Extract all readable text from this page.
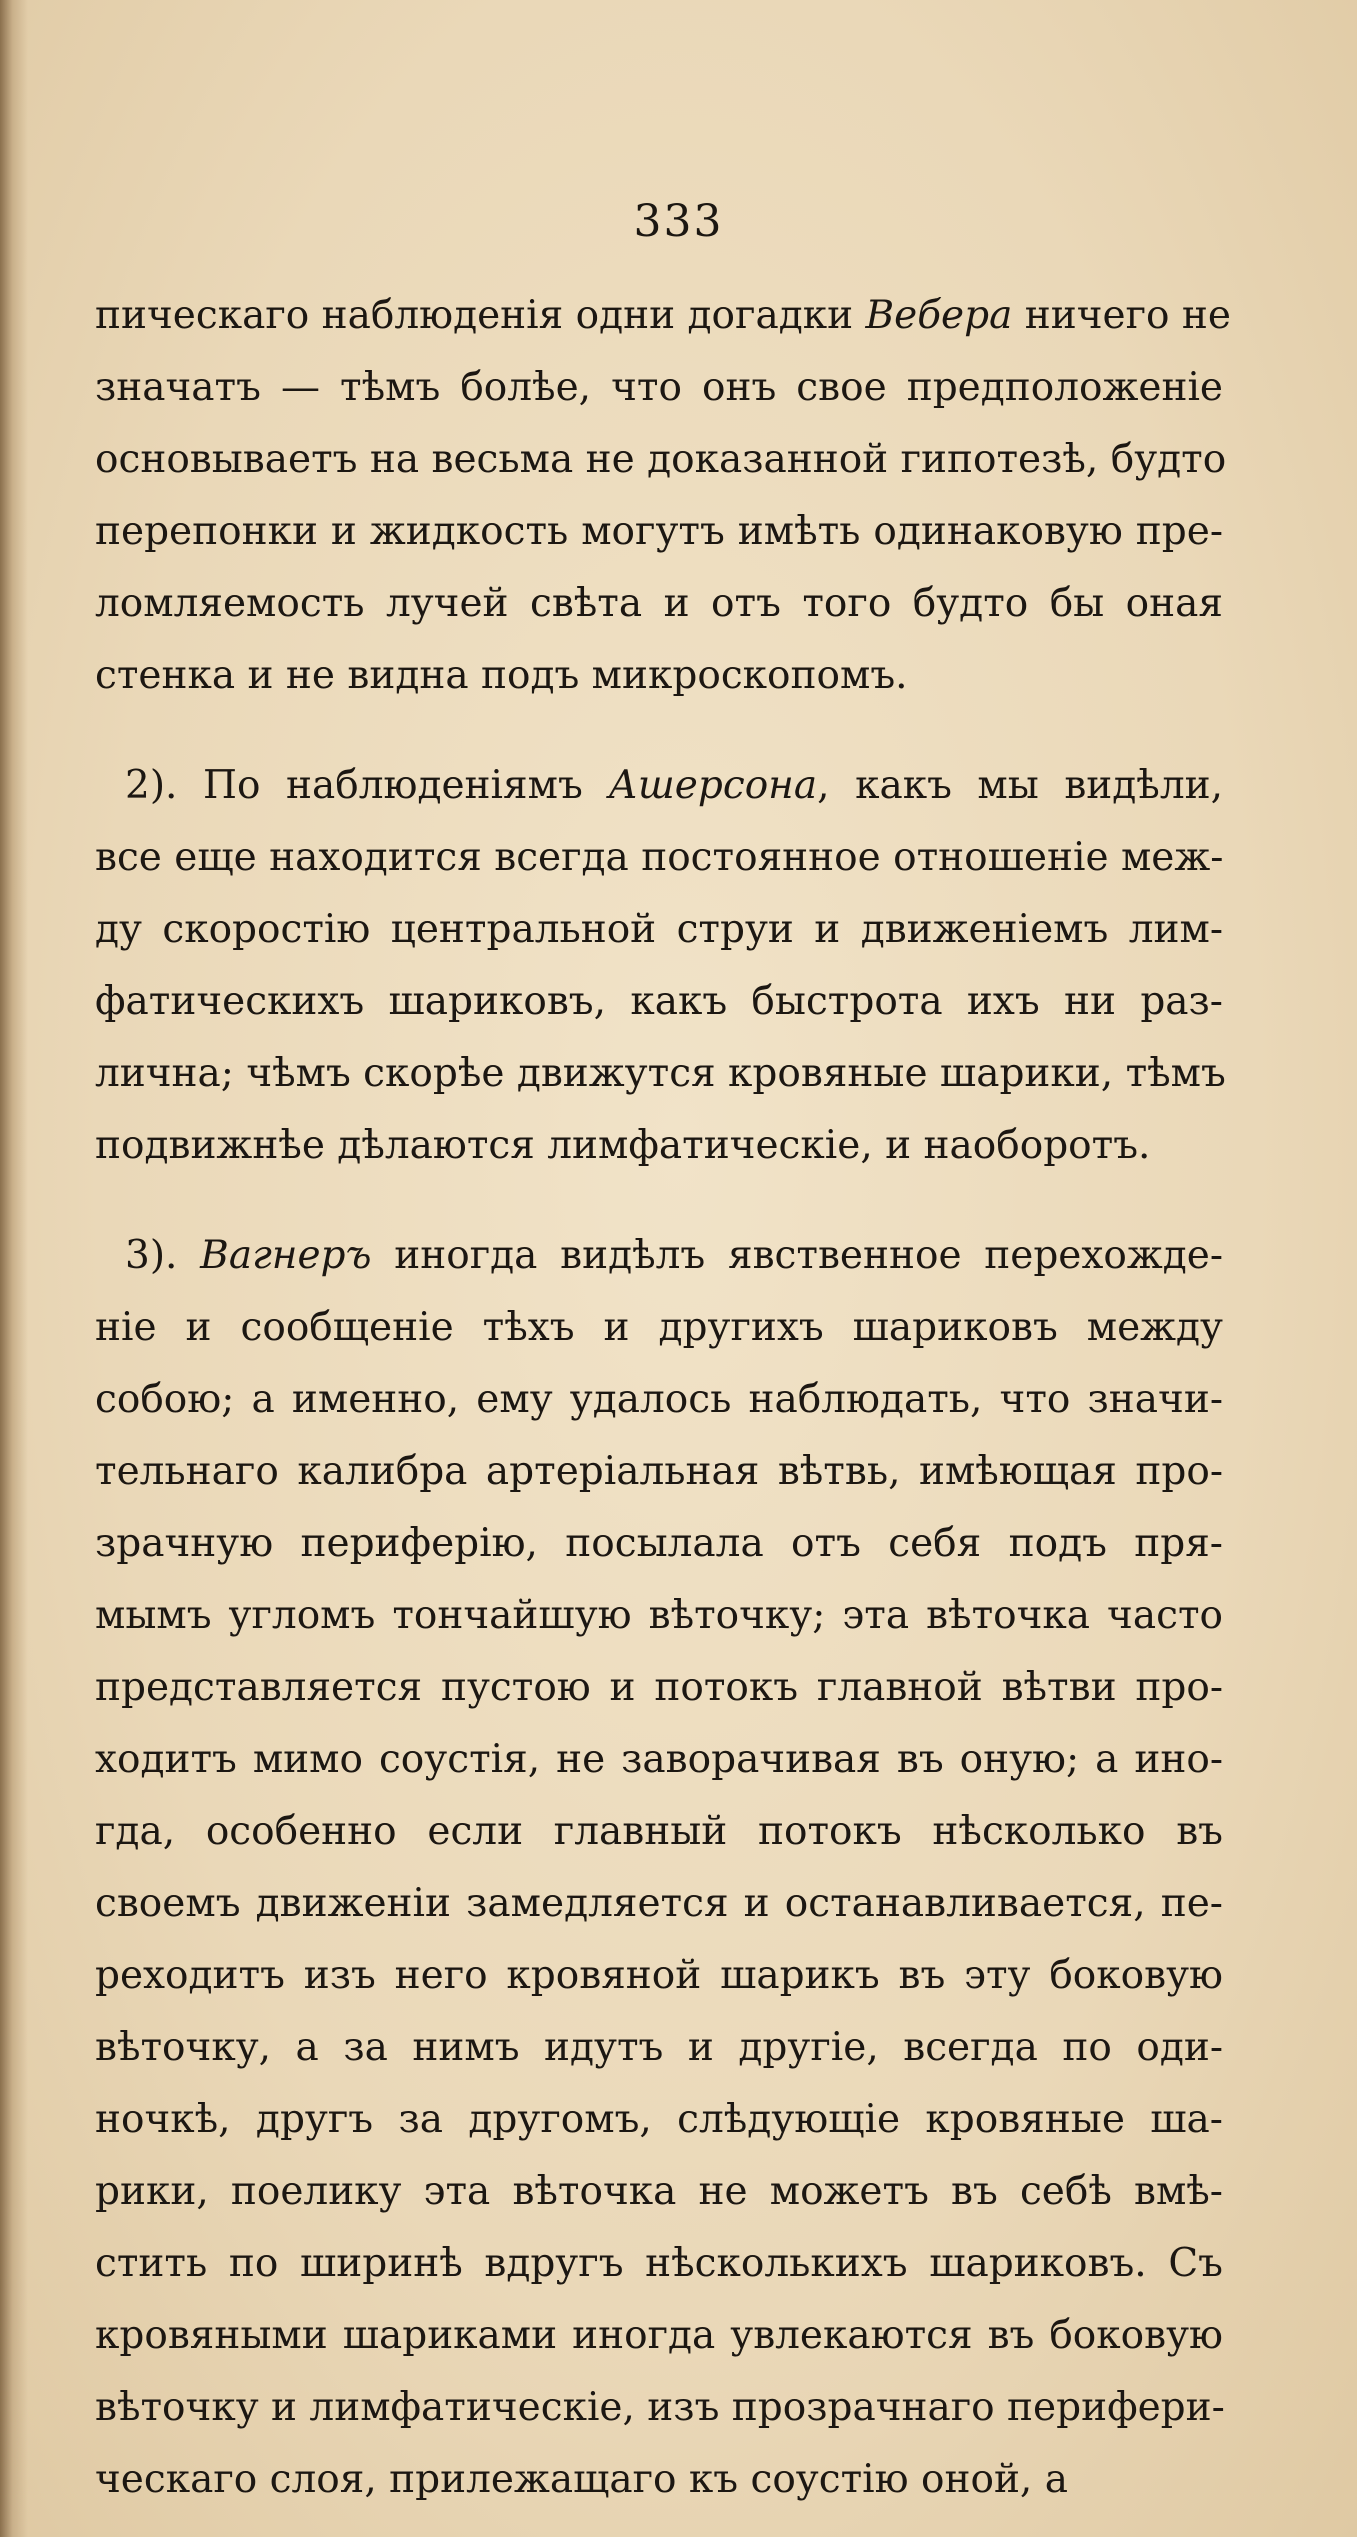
333
пическаго наблюденія одни догадки Вебера ничего не
значатъ — тѣмъ болѣе, что онъ свое предположеніе
основываетъ на весьма не доказанной гипотезѣ, будто
перепонки и жидкость могутъ имѣть одинаковую пре-
ломляемость лучей свѣта и отъ того будто бы оная
стенка и не видна подъ микроскопомъ.
2). По наблюденіямъ Ашерсона, какъ мы видѣли,
все еще находится всегда постоянное отношеніе меж-
ду скоростію центральной струи и движеніемъ лим-
фатическихъ шариковъ, какъ быстрота ихъ ни раз-
лична; чѣмъ скорѣе движутся кровяные шарики, тѣмъ
подвижнѣе дѣлаются лимфатическіе, и наоборотъ.
3). Вагнеръ иногда видѣлъ явственное перехожде-
ніе и сообщеніе тѣхъ и другихъ шариковъ между
собою; а именно, ему удалось наблюдать, что значи-
тельнаго калибра артеріальная вѣтвь, имѣющая про-
зрачную периферію, посылала отъ себя подъ пря-
мымъ угломъ тончайшую вѣточку; эта вѣточка часто
представляется пустою и потокъ главной вѣтви про-
ходитъ мимо соустія, не заворачивая въ оную; а ино-
гда, особенно если главный потокъ нѣсколько въ
своемъ движеніи замедляется и останавливается, пе-
реходитъ изъ него кровяной шарикъ въ эту боковую
вѣточку, а за нимъ идутъ и другіе, всегда по оди-
ночкѣ, другъ за другомъ, слѣдующіе кровяные ша-
рики, поелику эта вѣточка не можетъ въ себѣ вмѣ-
стить по ширинѣ вдругъ нѣсколькихъ шариковъ. Съ
кровяными шариками иногда увлекаются въ боковую
вѣточку и лимфатическіе, изъ прозрачнаго перифери-
ческаго слоя, прилежащаго къ соустію оной, а
